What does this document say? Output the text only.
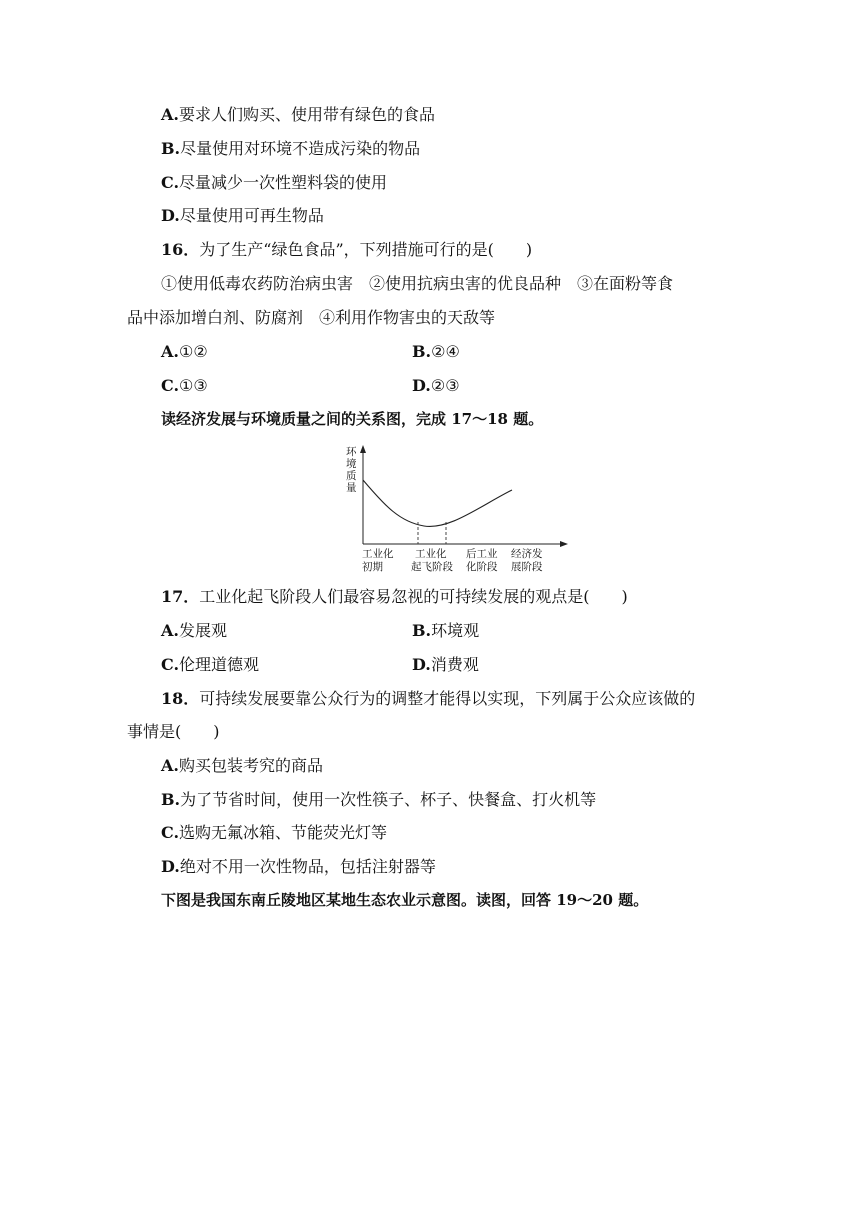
A.要求人们购买、使用带有绿色的食品
B.尽量使用对环境不造成污染的物品
C.尽量减少一次性塑料袋的使用
D.尽量使用可再生物品
16．为了生产“绿色食品”，下列措施可行的是(　　)
①使用低毒农药防治病虫害　②使用抗病虫害的优良品种　③在面粉等食
品中添加增白剂、防腐剂　④利用作物害虫的天敌等
A.①②	B.②④
C.①③	D.②③
读经济发展与环境质量之间的关系图，完成 17～18 题。
环
境
质
量
工业化
初期
工业化
起飞阶段
后工业
化阶段
经济发
展阶段
17．工业化起飞阶段人们最容易忽视的可持续发展的观点是(　　)
A.发展观	B.环境观
C.伦理道德观	D.消费观
18．可持续发展要靠公众行为的调整才能得以实现，下列属于公众应该做的
事情是(　　)
A.购买包装考究的商品
B.为了节省时间，使用一次性筷子、杯子、快餐盒、打火机等
C.选购无氟冰箱、节能荧光灯等
D.绝对不用一次性物品，包括注射器等
下图是我国东南丘陵地区某地生态农业示意图。读图，回答 19～20 题。
